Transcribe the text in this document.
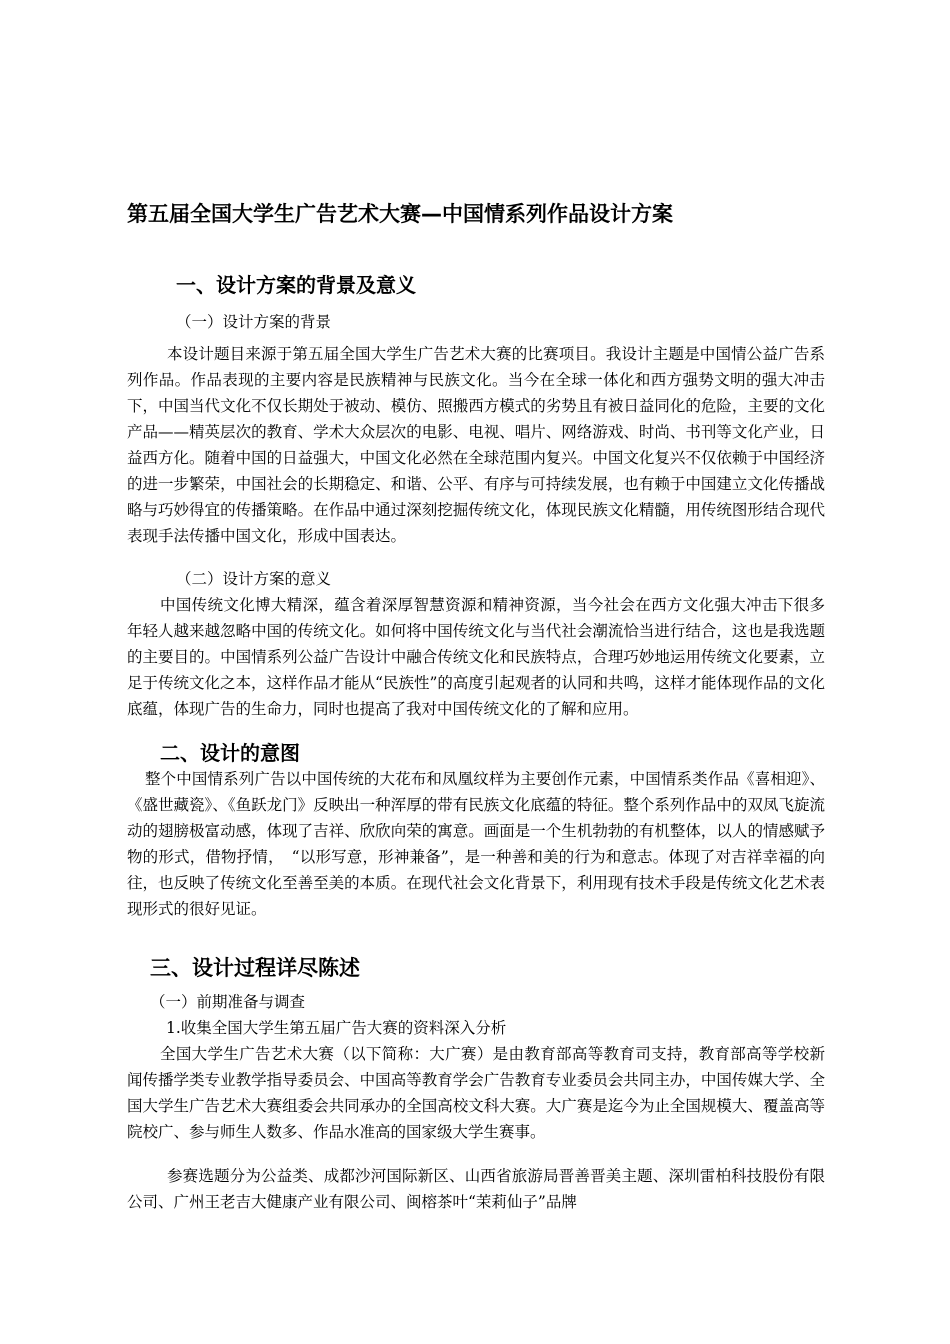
第五届全国大学生广告艺术大赛—中国情系列作品设计方案
一、设计方案的背景及意义
（一）设计方案的背景

本设计题目来源于第五届全国大学生广告艺术大赛的比赛项目。我设计主题是中国情公益广告系列作品。作品表现的主要内容是民族精神与民族文化。当今在全球一体化和西方强势文明的强大冲击下，中国当代文化不仅长期处于被动、模仿、照搬西方模式的劣势且有被日益同化的危险，主要的文化产品——精英层次的教育、学术大众层次的电影、电视、唱片、网络游戏、时尚、书刊等文化产业，日益西方化。随着中国的日益强大，中国文化必然在全球范围内复兴。中国文化复兴不仅依赖于中国经济的进一步繁荣，中国社会的长期稳定、和谐、公平、有序与可持续发展，也有赖于中国建立文化传播战略与巧妙得宜的传播策略。在作品中通过深刻挖掘传统文化，体现民族文化精髓，用传统图形结合现代表现手法传播中国文化，形成中国表达。

（二）设计方案的意义

中国传统文化博大精深，蕴含着深厚智慧资源和精神资源，当今社会在西方文化强大冲击下很多年轻人越来越忽略中国的传统文化。如何将中国传统文化与当代社会潮流恰当进行结合，这也是我选题的主要目的。中国情系列公益广告设计中融合传统文化和民族特点，合理巧妙地运用传统文化要素，立足于传统文化之本，这样作品才能从“民族性”的高度引起观者的认同和共鸣，这样才能体现作品的文化底蕴，体现广告的生命力，同时也提高了我对中国传统文化的了解和应用。

二、设计的意图

整个中国情系列广告以中国传统的大花布和凤凰纹样为主要创作元素，中国情系类作品《喜相迎》、《盛世藏瓷》、《鱼跃龙门》反映出一种浑厚的带有民族文化底蕴的特征。整个系列作品中的双凤飞旋流动的翅膀极富动感，体现了吉祥、欣欣向荣的寓意。画面是一个生机勃勃的有机整体，以人的情感赋予物的形式，借物抒情，　“以形写意，形神兼备”，是一种善和美的行为和意志。体现了对吉祥幸福的向往，也反映了传统文化至善至美的本质。在现代社会文化背景下，利用现有技术手段是传统文化艺术表现形式的很好见证。

三、设计过程详尽陈述
（一）前期准备与调查
1.收集全国大学生第五届广告大赛的资料深入分析

全国大学生广告艺术大赛（以下简称：大广赛）是由教育部高等教育司支持，教育部高等学校新闻传播学类专业教学指导委员会、中国高等教育学会广告教育专业委员会共同主办，中国传媒大学、全国大学生广告艺术大赛组委会共同承办的全国高校文科大赛。大广赛是迄今为止全国规模大、覆盖高等院校广、参与师生人数多、作品水准高的国家级大学生赛事。

参赛选题分为公益类、成都沙河国际新区、山西省旅游局晋善晋美主题、深圳雷柏科技股份有限公司、广州王老吉大健康产业有限公司、闽榕茶叶“茉莉仙子”品牌
